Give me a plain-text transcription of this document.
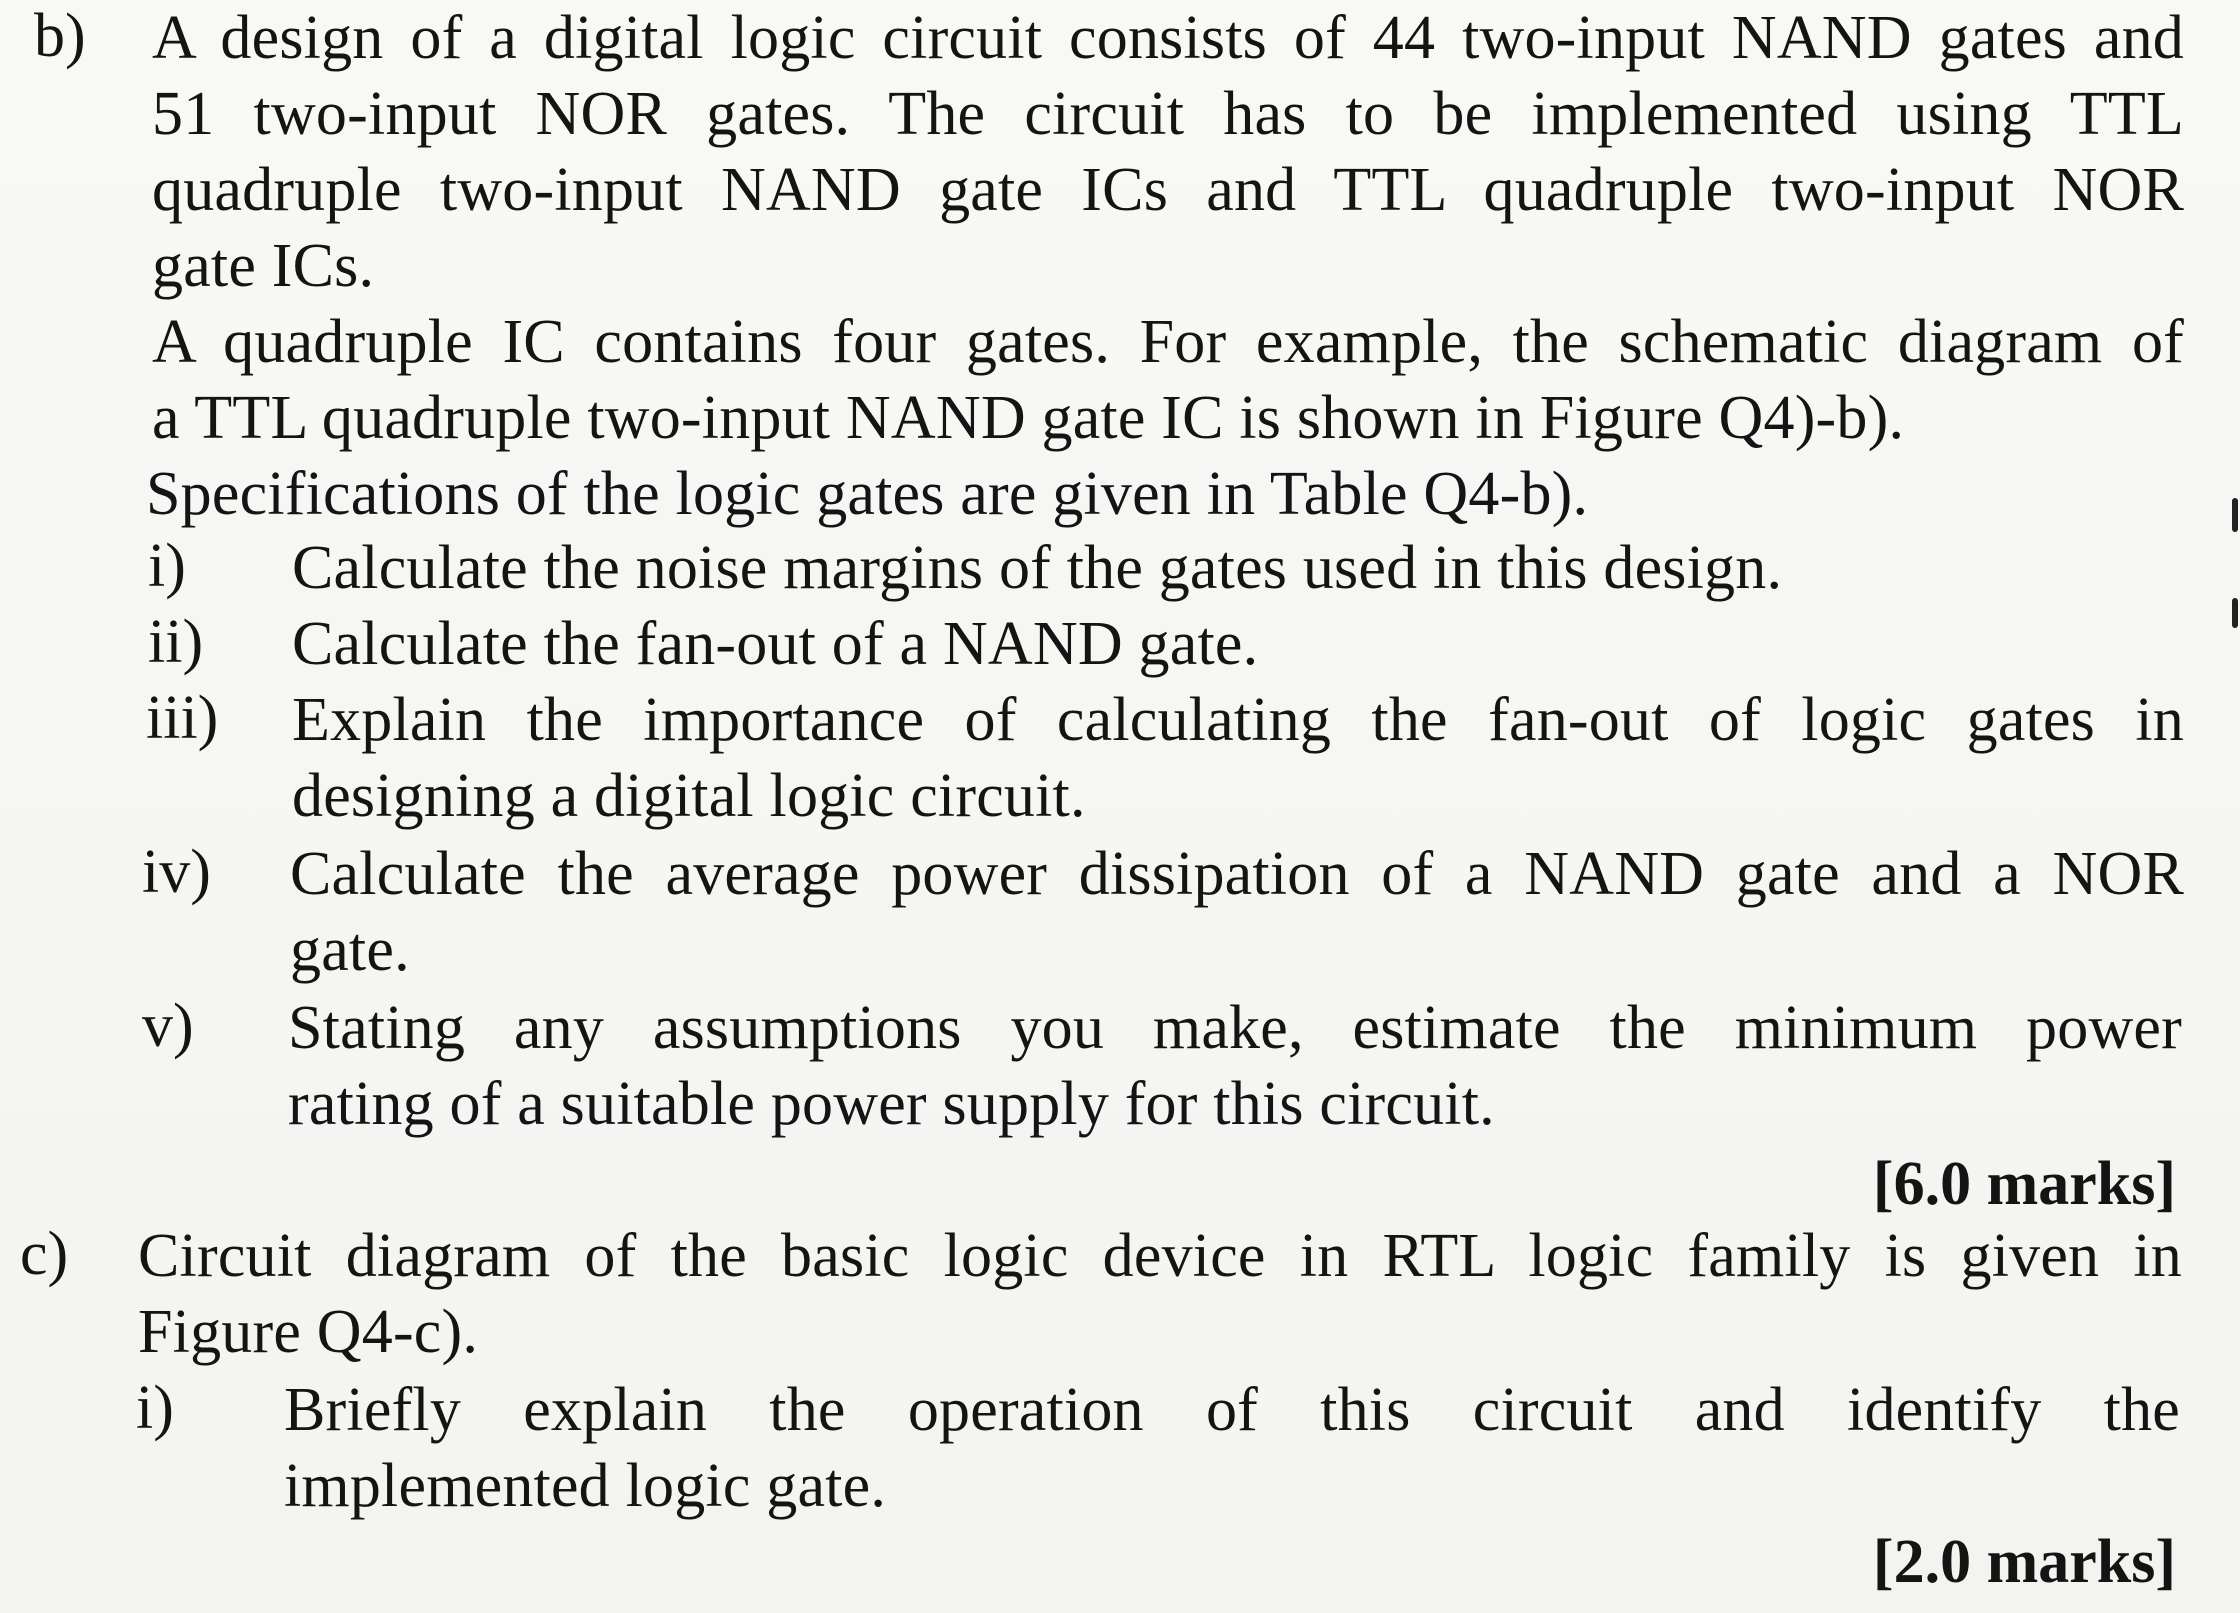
b) A design of a digital logic circuit consists of 44 two-input NAND gates and
51 two-input NOR gates. The circuit has to be implemented using TTL
quadruple two-input NAND gate ICs and TTL quadruple two-input NOR
gate ICs.
A quadruple IC contains four gates. For example, the schematic diagram of
a TTL quadruple two-input NAND gate IC is shown in Figure Q4)-b).
Specifications of the logic gates are given in Table Q4-b).
i) Calculate the noise margins of the gates used in this design.
ii) Calculate the fan-out of a NAND gate.
iii) Explain the importance of calculating the fan-out of logic gates in
designing a digital logic circuit.
iv) Calculate the average power dissipation of a NAND gate and a NOR
gate.
v) Stating any assumptions you make, estimate the minimum power
rating of a suitable power supply for this circuit.
[6.0 marks]
c) Circuit diagram of the basic logic device in RTL logic family is given in
Figure Q4-c).
i) Briefly explain the operation of this circuit and identify the
implemented logic gate.
[2.0 marks]
